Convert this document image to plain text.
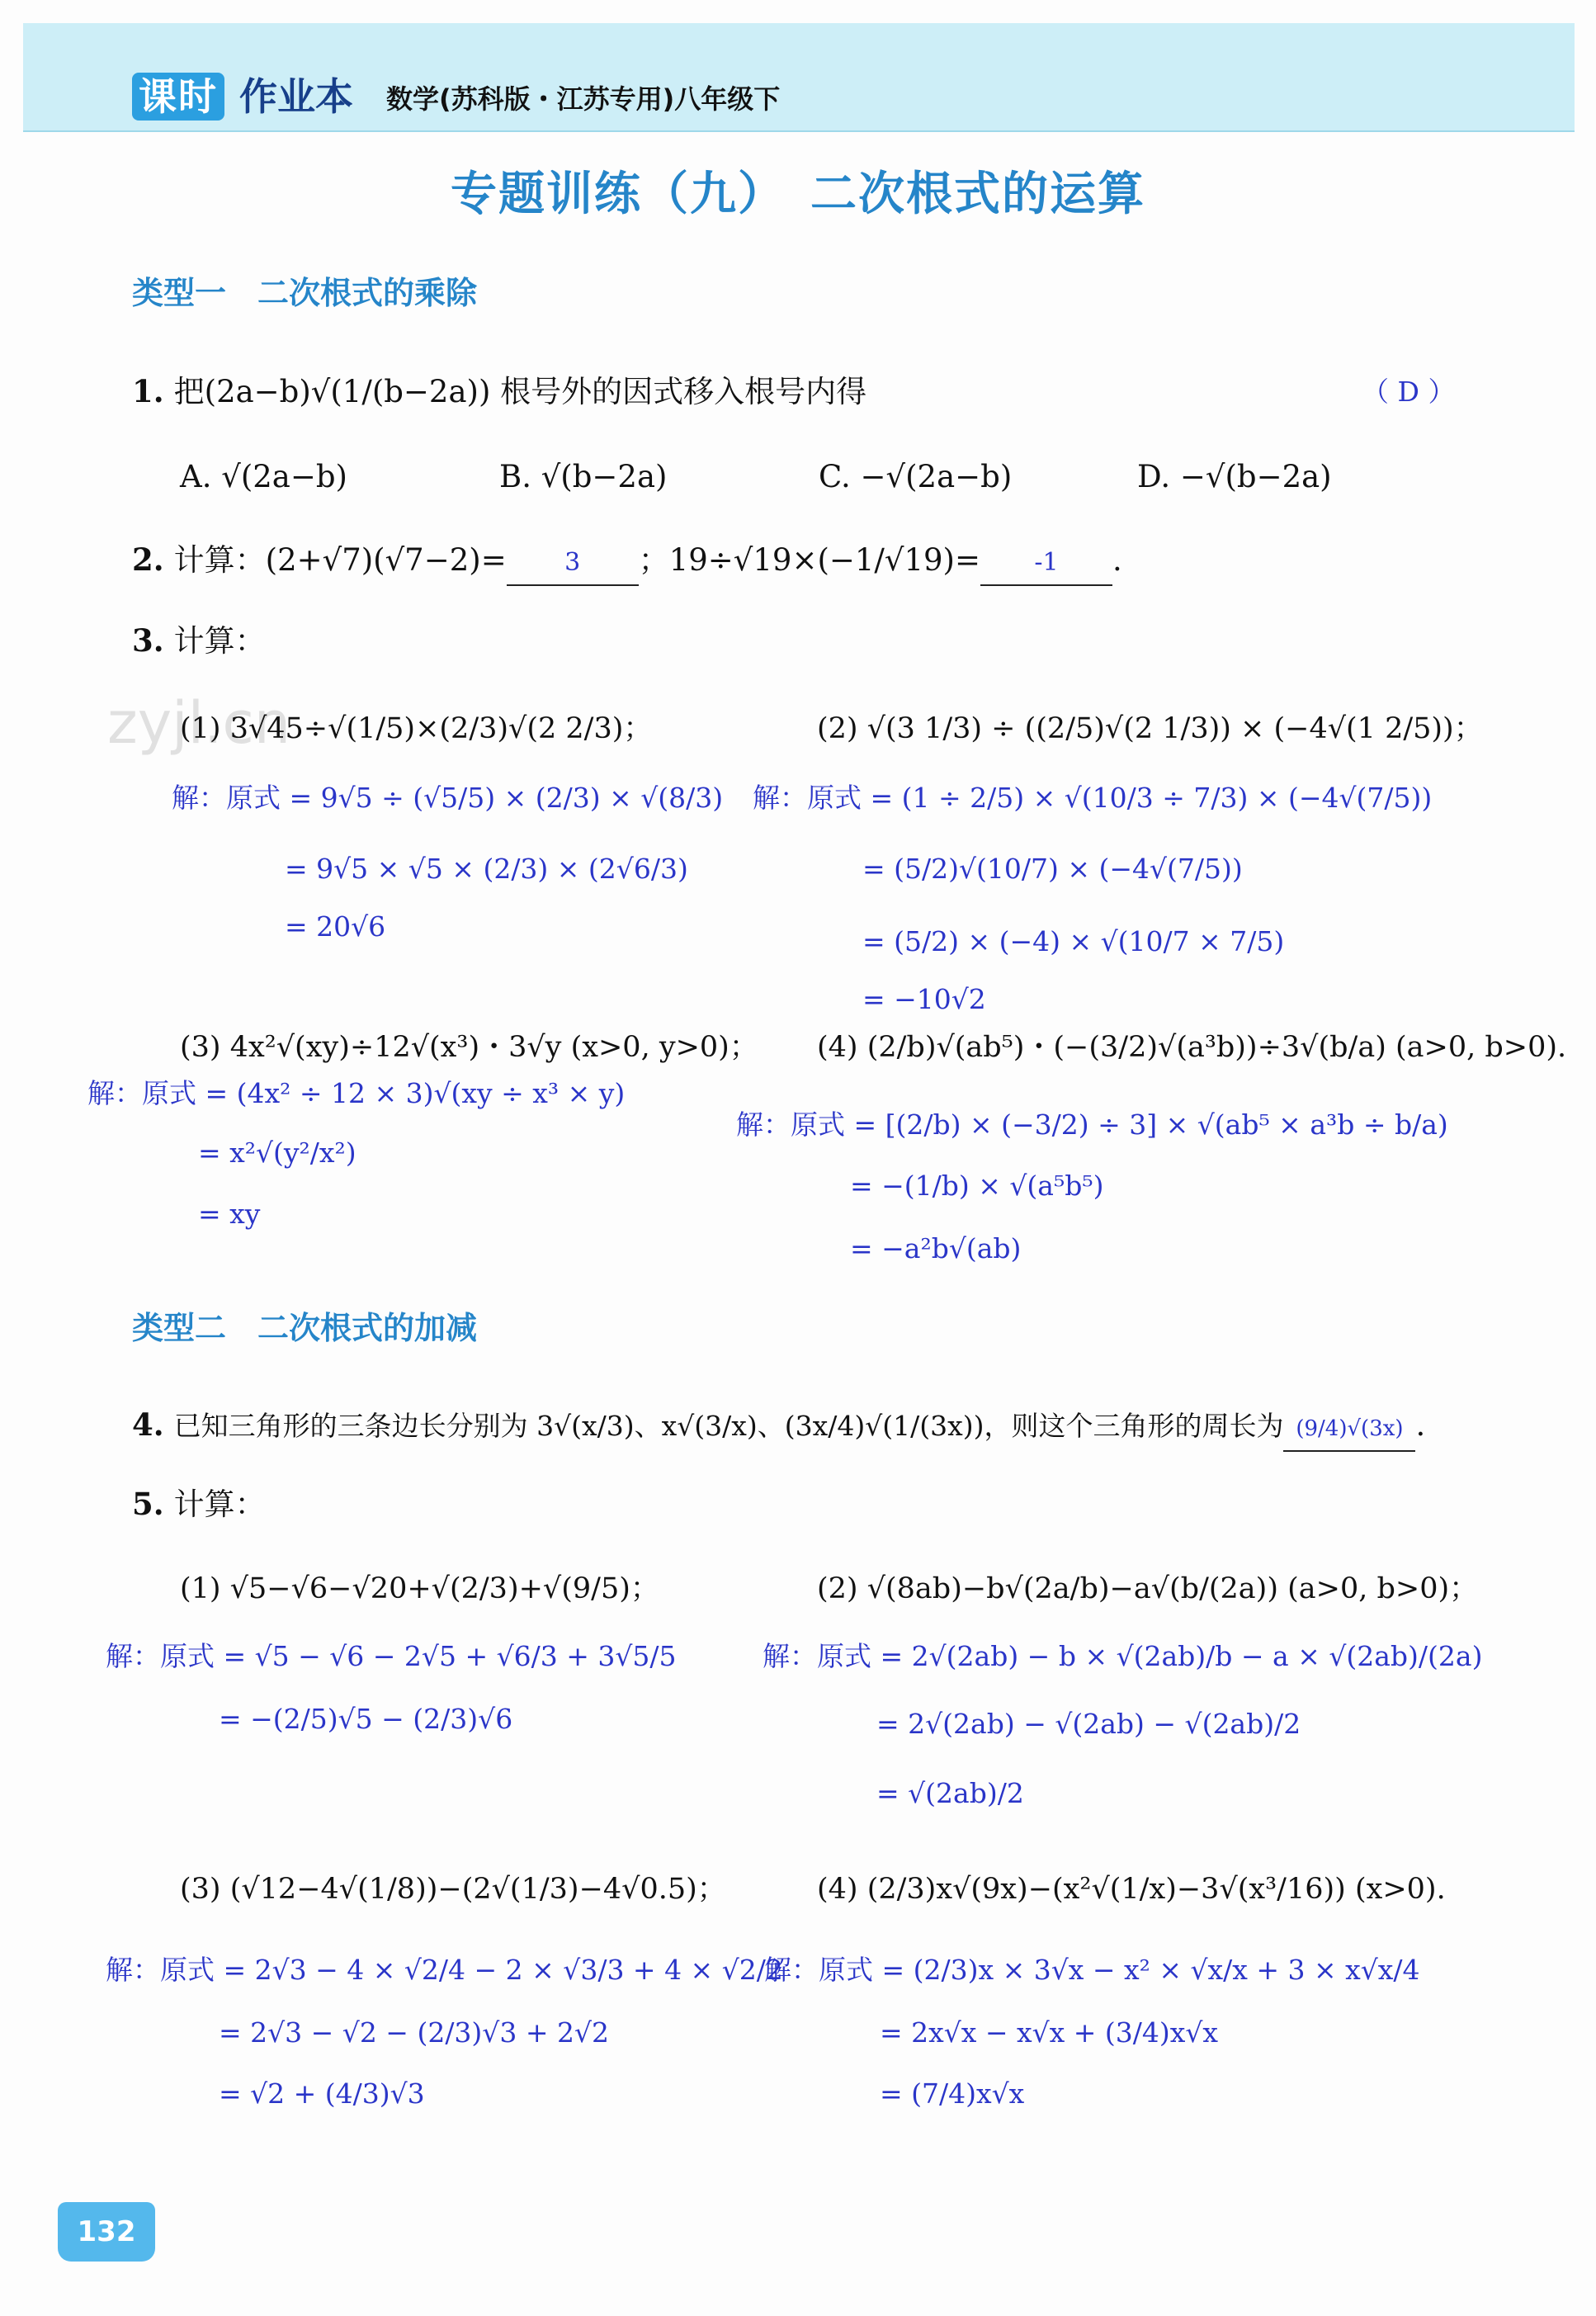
课时 作业本 数学(苏科版・江苏专用)八年级下
专题训练（九）　二次根式的运算
zyjl.cn
类型一　二次根式的乘除
1. 把(2a−b)√(1/(b−2a)) 根号外的因式移入根号内得	（ D ）
A. √(2a−b)	B. √(b−2a)	C. −√(2a−b)	D. −√(b−2a)
2. 计算：(2+√7)(√7−2)= 3 ；19÷√19×(−1/√19)= -1 .
3. 计算：
(1) 3√45÷√(1/5)×(2/3)√(2 2/3)；
解：原式 = 9√5 ÷ (√5/5) × (2/3) × √(8/3)
= 9√5 × √5 × (2/3) × (2√6/3)
= 20√6
(2) √(3 1/3) ÷ ((2/5)√(2 1/3)) × (−4√(1 2/5))；
解：原式 = (1 ÷ 2/5) × √(10/3 ÷ 7/3) × (−4√(7/5))
= (5/2)√(10/7) × (−4√(7/5))
= (5/2) × (−4) × √(10/7 × 7/5)
= −10√2
(3) 4x²√(xy)÷12√(x³)・3√y (x>0, y>0)；
解：原式 = (4x² ÷ 12 × 3)√(xy ÷ x³ × y)
= x²√(y²/x²)
= xy
(4) (2/b)√(ab⁵)・(−(3/2)√(a³b))÷3√(b/a) (a>0, b>0).
解：原式 = [(2/b) × (−3/2) ÷ 3] × √(ab⁵ × a³b ÷ b/a)
= −(1/b) × √(a⁵b⁵)
= −a²b√(ab)
类型二　二次根式的加减
4. 已知三角形的三条边长分别为 3√(x/3)、x√(3/x)、(3x/4)√(1/(3x))，则这个三角形的周长为 (9/4)√(3x) .
5. 计算：
(1) √5−√6−√20+√(2/3)+√(9/5)；
解：原式 = √5 − √6 − 2√5 + √6/3 + 3√5/5
= −(2/5)√5 − (2/3)√6
(2) √(8ab)−b√(2a/b)−a√(b/(2a)) (a>0, b>0)；
解：原式 = 2√(2ab) − b × √(2ab)/b − a × √(2ab)/(2a)
= 2√(2ab) − √(2ab) − √(2ab)/2
= √(2ab)/2
(3) (√12−4√(1/8))−(2√(1/3)−4√0.5)；
解：原式 = 2√3 − 4 × √2/4 − 2 × √3/3 + 4 × √2/2
= 2√3 − √2 − (2/3)√3 + 2√2
= √2 + (4/3)√3
(4) (2/3)x√(9x)−(x²√(1/x)−3√(x³/16)) (x>0).
解：原式 = (2/3)x × 3√x − x² × √x/x + 3 × x√x/4
= 2x√x − x√x + (3/4)x√x
= (7/4)x√x
132
